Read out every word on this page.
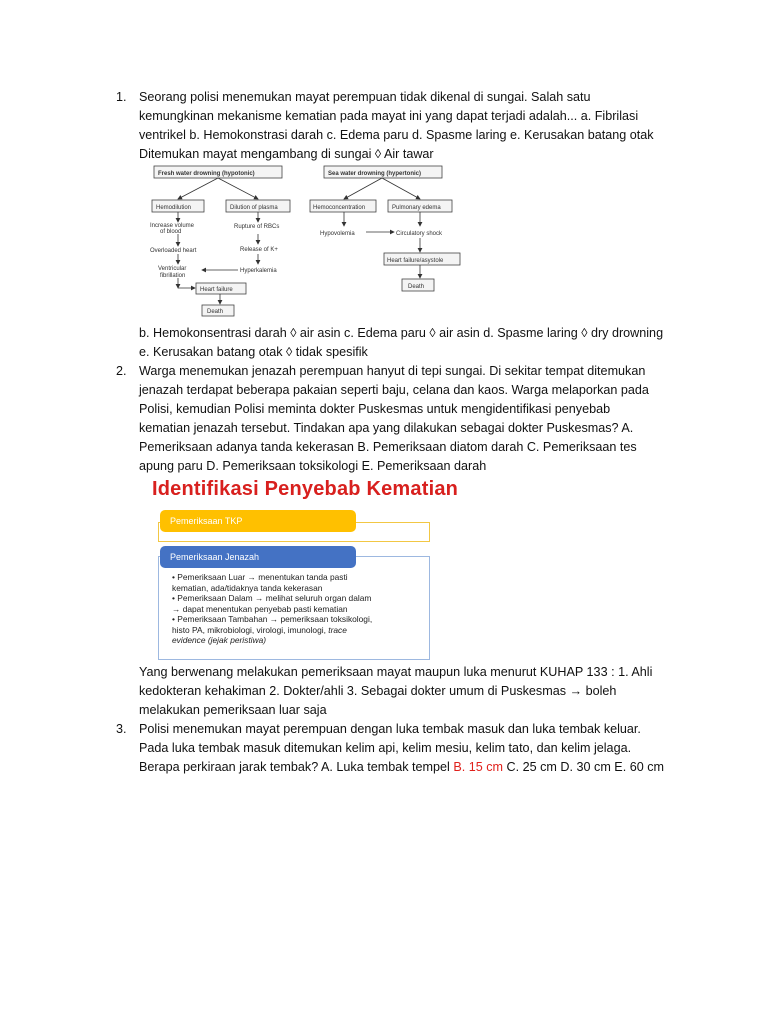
1. Seorang polisi menemukan mayat perempuan tidak dikenal di sungai. Salah satu
kemungkinan mekanisme kematian pada mayat ini yang dapat terjadi adalah... a. Fibrilasi
ventrikel b. Hemokonstrasi darah c. Edema paru d. Spasme laring e. Kerusakan batang otak
Ditemukan mayat mengambang di sungai ◊ Air tawar
Fresh water drowning (hypotonic)	Sea water drowning (hypertonic)
Hemodilution	Dilution of plasma
Increase volume
of blood
Overloaded heart
Ventricular
fibrillation
Rupture of RBCs
Release of K+
Hyperkalemia
Heart failure
Death
Hemoconcentration	Pulmonary edema
Hypovolemia	Circulatory shock
Heart failure/asystole
Death
b. Hemokonsentrasi darah ◊ air asin c. Edema paru ◊ air asin d. Spasme laring ◊ dry drowning
e. Kerusakan batang otak ◊ tidak spesifik
2. Warga menemukan jenazah perempuan hanyut di tepi sungai. Di sekitar tempat ditemukan
jenazah terdapat beberapa pakaian seperti baju, celana dan kaos. Warga melaporkan pada
Polisi, kemudian Polisi meminta dokter Puskesmas untuk mengidentifikasi penyebab
kematian jenazah tersebut. Tindakan apa yang dilakukan sebagai dokter Puskesmas? A.
Pemeriksaan adanya tanda kekerasan B. Pemeriksaan diatom darah C. Pemeriksaan tes
apung paru D. Pemeriksaan toksikologi E. Pemeriksaan darah
Identifikasi Penyebab Kematian
Pemeriksaan TKP
Pemeriksaan Jenazah
• Pemeriksaan Luar → menentukan tanda pasti
kematian, ada/tidaknya tanda kekerasan
• Pemeriksaan Dalam → melihat seluruh organ dalam
→ dapat menentukan penyebab pasti kematian
• Pemeriksaan Tambahan → pemeriksaan toksikologi,
histo PA, mikrobiologi, virologi, imunologi, trace
evidence (jejak peristiwa)
Yang berwenang melakukan pemeriksaan mayat maupun luka menurut KUHAP 133 : 1. Ahli
kedokteran kehakiman 2. Dokter/ahli 3. Sebagai dokter umum di Puskesmas → boleh
melakukan pemeriksaan luar saja
3. Polisi menemukan mayat perempuan dengan luka tembak masuk dan luka tembak keluar.
Pada luka tembak masuk ditemukan kelim api, kelim mesiu, kelim tato, dan kelim jelaga.
Berapa perkiraan jarak tembak? A. Luka tembak tempel B. 15 cm C. 25 cm D. 30 cm E. 60 cm
